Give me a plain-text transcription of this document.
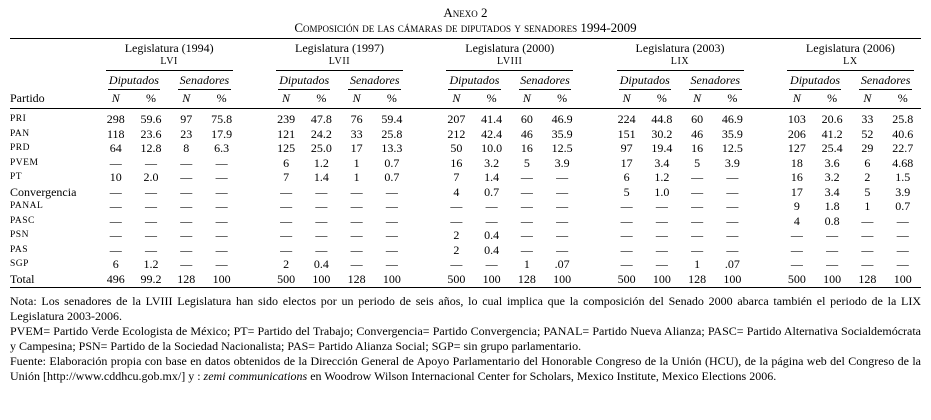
Anexo 2
Composición de las cámaras de diputados y senadores 1994-2009

Legislatura (1994)
LVI

Legislatura (1997)
LVII

Legislatura (2000)
LVIII

Legislatura (2003)
LIX

Legislatura (2006)
LX

	Diputados		Senadores			Diputados		Senadores			Diputados		Senadores			Diputados		Senadores			Diputados		Senadores	

Partido	N	%	N	%		N	%	N	%		N	%	N	%		N	%	N	%		N	%	N	%
PRI	298	59.6	97	75.8		239	47.8	76	59.4		207	41.4	60	46.9		224	44.8	60	46.9		103	20.6	33	25.8
PAN	118	23.6	23	17.9		121	24.2	33	25.8		212	42.4	46	35.9		151	30.2	46	35.9		206	41.2	52	40.6
PRD	64	12.8	8	6.3		125	25.0	17	13.3		50	10.0	16	12.5		97	19.4	16	12.5		127	25.4	29	22.7
PVEM	—	—	—	—		6	1.2	1	0.7		16	3.2	5	3.9		17	3.4	5	3.9		18	3.6	6	4.68
PT	10	2.0	—	—		7	1.4	1	0.7		7	1.4	—	—		6	1.2	—	—		16	3.2	2	1.5
Convergencia	—	—	—	—		—	—	—	—		4	0.7	—	—		5	1.0	—	—		17	3.4	5	3.9
PANAL	—	—	—	—		—	—	—	—		—	—	—	—		—	—	—	—		9	1.8	1	0.7
PASC	—	—	—	—		—	—	—	—		—	—	—	—		—	—	—	—		4	0.8	—	—
PSN	—	—	—	—		—	—	—	—		2	0.4	—	—		—	—	—	—		—	—	—	—
PAS	—	—	—	—		—	—	—	—		2	0.4	—	—		—	—	—	—		—	—	—	—
SGP	6	1.2	—	—		2	0.4	—	—		—	—	1	.07		—	—	1	.07		—	—	—	—
Total	496	99.2	128	100		500	100	128	100		500	100	128	100		500	100	128	100		500	100	128	100

Nota: Los senadores de la LVIII Legislatura han sido electos por un periodo de seis años, lo cual implica que la composición del Senado 2000 abarca también el periodo de la LIX Legislatura 2003-2006.

PVEM= Partido Verde Ecologista de México; PT= Partido del Trabajo; Convergencia= Partido Convergencia; PANAL= Partido Nueva Alianza; PASC= Partido Alternativa Socialdemócrata y Campesina; PSN= Partido de la Sociedad Nacionalista; PAS= Partido Alianza Social; SGP= sin grupo parlamentario.

Fuente: Elaboración propia con base en datos obtenidos de la Dirección General de Apoyo Parlamentario del Honorable Congreso de la Unión (HCU), de la página web del Congreso de la Unión [http://www.cddhcu.gob.mx/] y : zemi communications en Woodrow Wilson Internacional Center for Scholars, Mexico Institute, Mexico Elections 2006.
